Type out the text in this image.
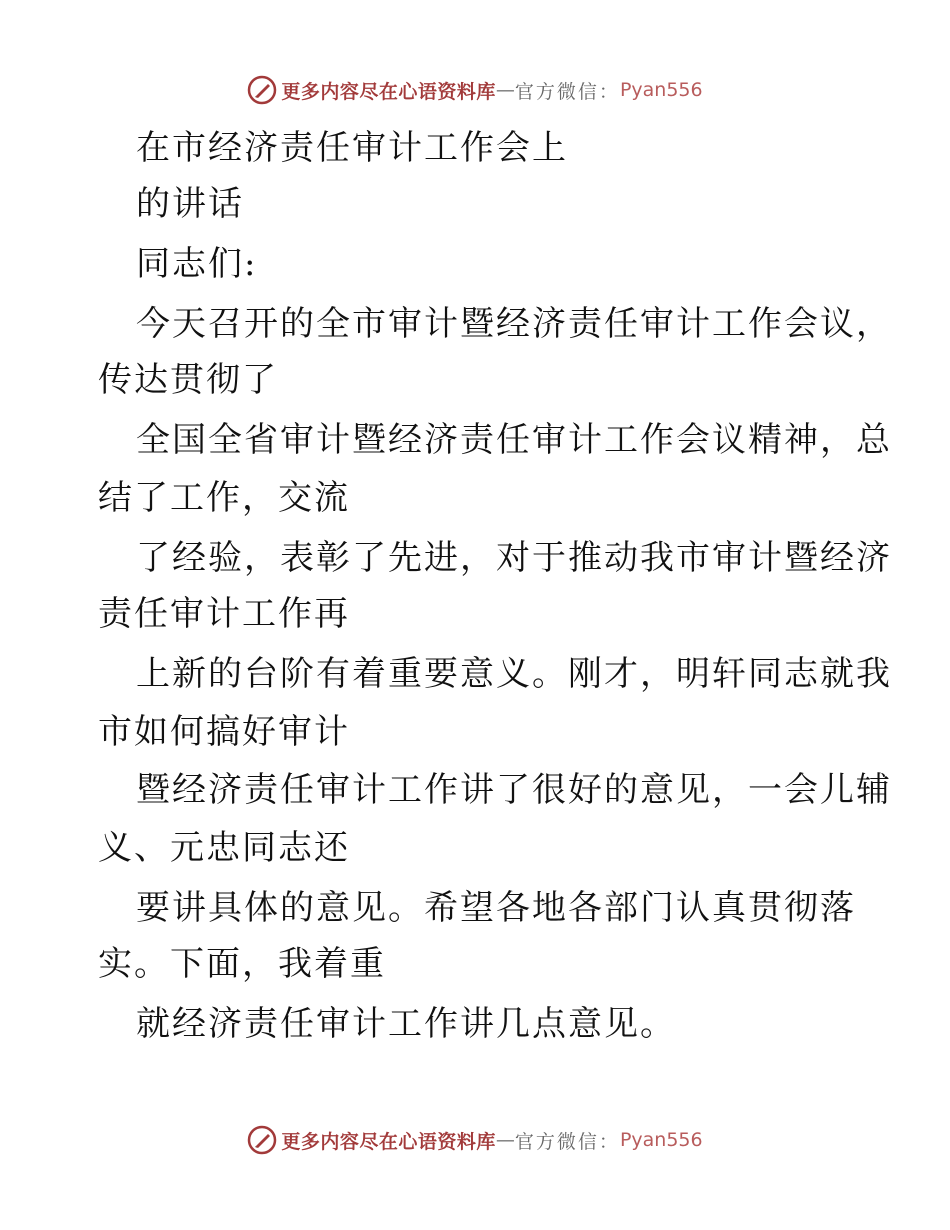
更多内容尽在心语资料库 — 官方微信： Pyan556
在市经济责任审计工作会上
的讲话
同志们:
今天召开的全市审计暨经济责任审计工作会议，
传达贯彻了
全国全省审计暨经济责任审计工作会议精神，总
结了工作，交流
了经验，表彰了先进，对于推动我市审计暨经济
责任审计工作再
上新的台阶有着重要意义。刚才，明轩同志就我
市如何搞好审计
暨经济责任审计工作讲了很好的意见，一会儿辅
义、元忠同志还
要讲具体的意见。希望各地各部门认真贯彻落
实。下面，我着重
就经济责任审计工作讲几点意见。
更多内容尽在心语资料库 — 官方微信： Pyan556
